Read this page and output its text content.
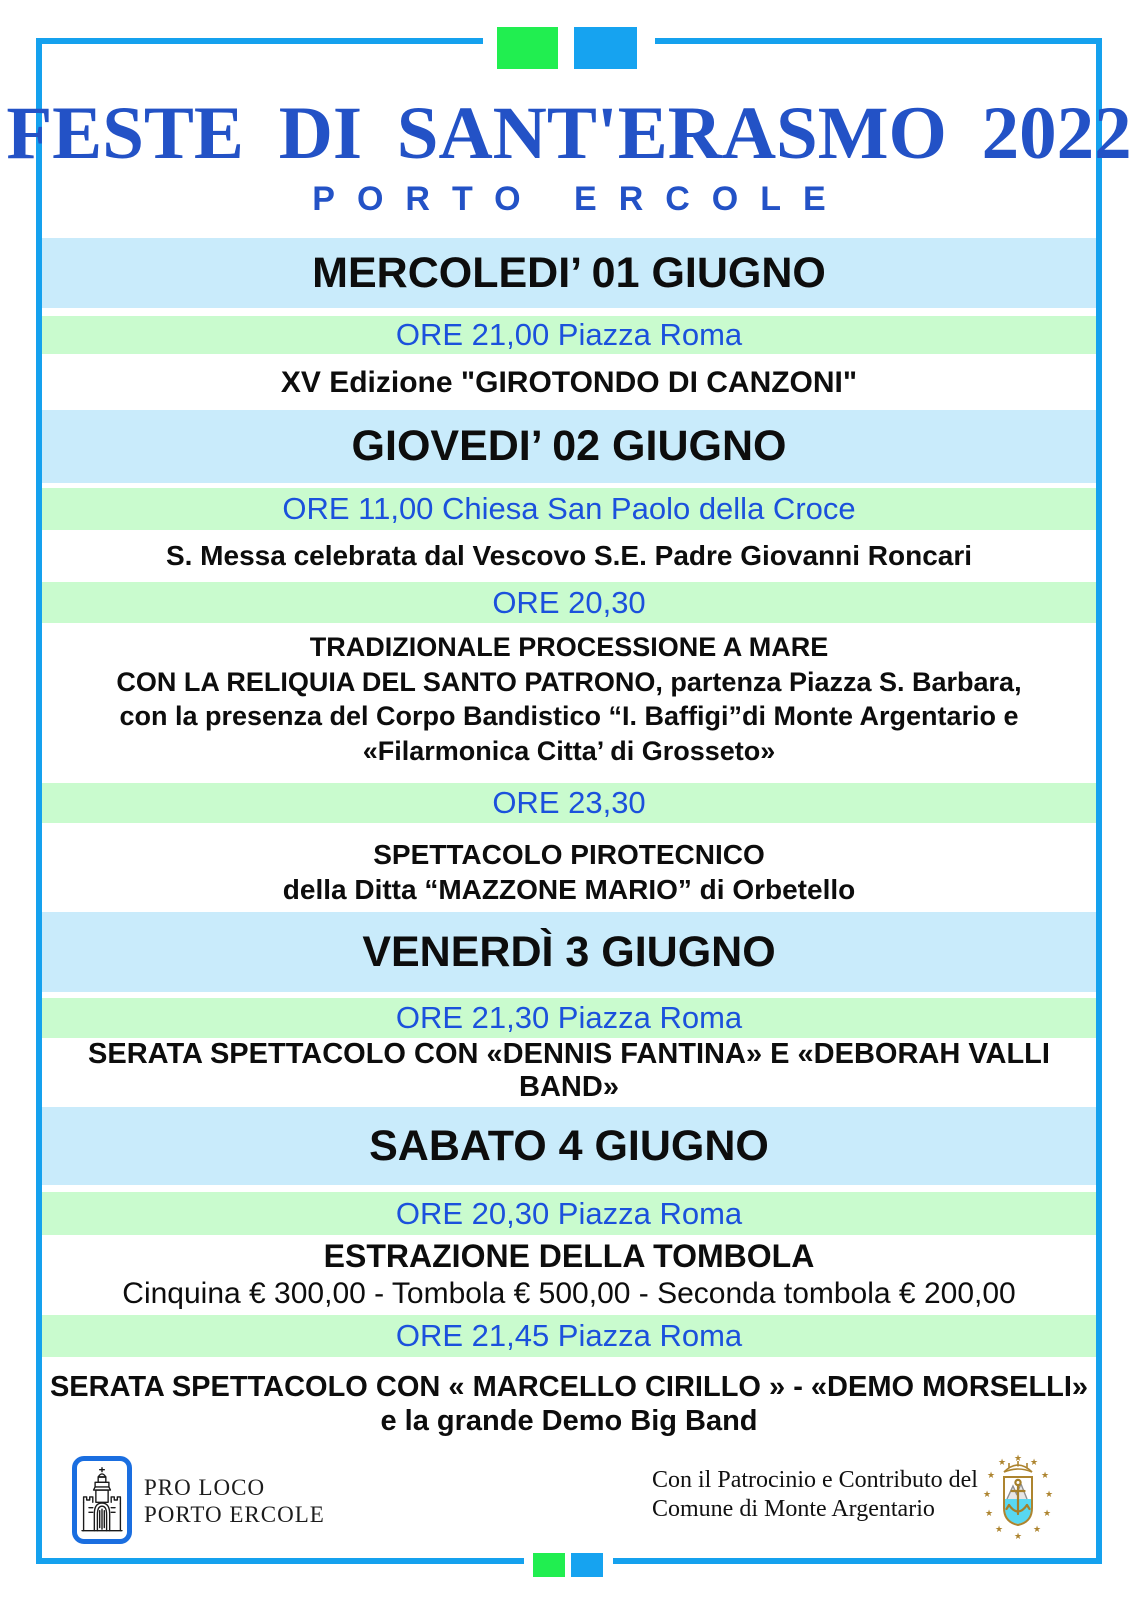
FESTE DI SANT'ERASMO 2022
PORTO ERCOLE
MERCOLEDI’ 01 GIUGNO
ORE 21,00 Piazza Roma
XV Edizione "GIROTONDO DI CANZONI"
GIOVEDI’ 02 GIUGNO
ORE 11,00 Chiesa San Paolo della Croce
S. Messa celebrata dal Vescovo S.E. Padre Giovanni Roncari
ORE 20,30
TRADIZIONALE PROCESSIONE A MARE
CON LA RELIQUIA DEL SANTO PATRONO, partenza Piazza S. Barbara,
con la presenza del Corpo Bandistico “I. Baffigi”di Monte Argentario e
«Filarmonica Citta’ di Grosseto»
ORE 23,30
SPETTACOLO PIROTECNICO
della Ditta “MAZZONE MARIO” di Orbetello
VENERDÌ 3 GIUGNO
ORE 21,30 Piazza Roma
SERATA SPETTACOLO CON «DENNIS FANTINA» E «DEBORAH VALLI BAND»
SABATO 4 GIUGNO
ORE 20,30 Piazza Roma
ESTRAZIONE DELLA TOMBOLA
Cinquina € 300,00 - Tombola € 500,00 - Seconda tombola € 200,00
ORE 21,45 Piazza Roma
SERATA SPETTACOLO CON « MARCELLO CIRILLO » - «DEMO MORSELLI»
e la grande Demo Big Band
PRO LOCO
PORTO ERCOLE
Con il Patrocinio e Contributo del
Comune di Monte Argentario
★
★
★
★
★
★
★
★
★
★
★
★
